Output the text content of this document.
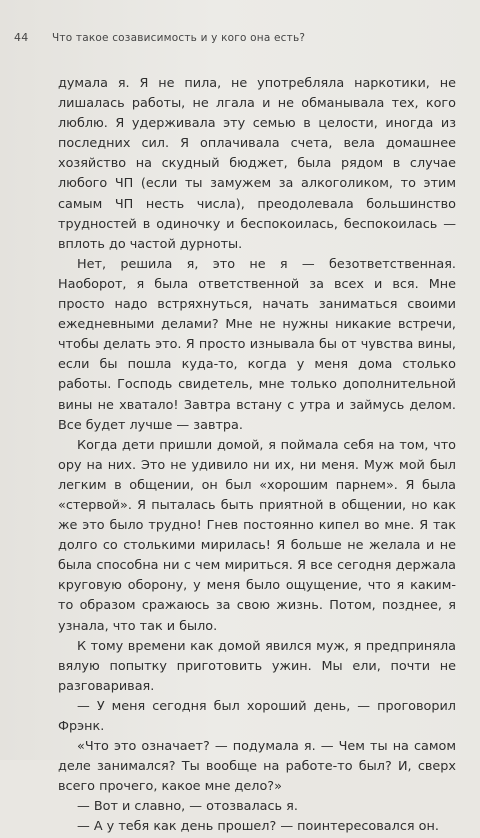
44 Что такое созависимость и у кого она есть?

думала я. Я не пила, не употребляла наркотики, не лишалась работы, не лгала и не обманывала тех, кого люблю. Я удерживала эту семью в целости, иногда из последних сил. Я оплачивала счета, вела домашнее хозяйство на скудный бюджет, была рядом в случае любого ЧП (если ты замужем за алкоголиком, то этим самым ЧП несть числа), преодолевала большинство трудностей в одиночку и беспокоилась, беспокоилась — вплоть до частой дурноты.

Нет, решила я, это не я — безответственная. Наоборот, я была ответственной за всех и вся. Мне просто надо встряхнуться, начать заниматься своими ежедневными делами? Мне не нужны никакие встречи, чтобы делать это. Я просто изнывала бы от чувства вины, если бы пошла куда-то, когда у меня дома столько работы. Господь свидетель, мне только дополнительной вины не хватало! Завтра встану с утра и займусь делом. Все будет лучше — завтра.

Когда дети пришли домой, я поймала себя на том, что ору на них. Это не удивило ни их, ни меня. Муж мой был легким в общении, он был «хорошим парнем». Я была «стервой». Я пыталась быть приятной в общении, но как же это было трудно! Гнев постоянно кипел во мне. Я так долго со столькими мирилась! Я больше не желала и не была способна ни с чем мириться. Я все сегодня держала круговую оборону, у меня было ощущение, что я каким-то образом сражаюсь за свою жизнь. Потом, позднее, я узнала, что так и было.

К тому времени как домой явился муж, я предприняла вялую попытку приготовить ужин. Мы ели, почти не разговаривая.

— У меня сегодня был хороший день, — проговорил Фрэнк.

«Что это означает? — подумала я. — Чем ты на самом деле занимался? Ты вообще на работе-то был? И, сверх всего прочего, какое мне дело?»

— Вот и славно, — отозвалась я.

— А у тебя как день прошел? — поинтересовался он.
